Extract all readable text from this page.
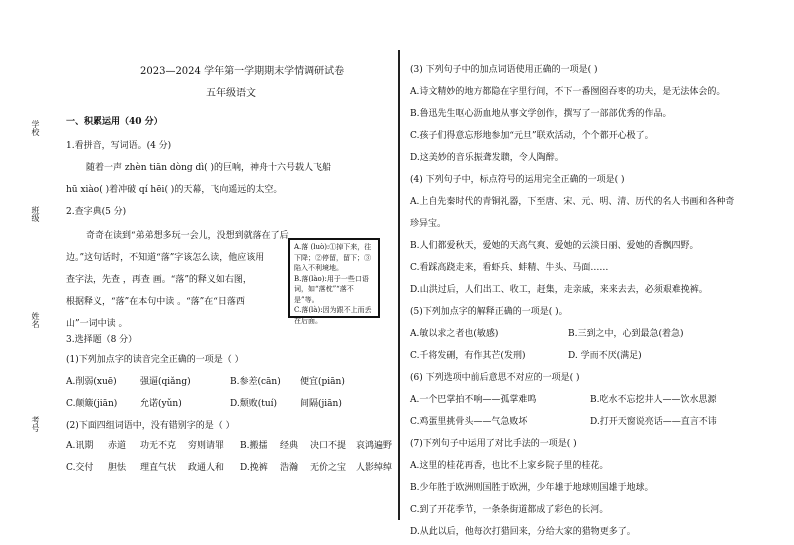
学校
班级
姓名
考号
2023—2024 学年第一学期期末学情调研试卷
五年级语文
一、积累运用（40 分）
1.看拼音，写词语。(4 分)
随着一声 zhèn tiān dòng dì( )的巨响，神舟十六号载人飞船
hū xiào( )着冲破 qí hēi( )的天幕，飞向遥远的太空。
2.查字典(5 分)
奇奇在读到“弟弟想多玩一会儿，没想到就落在了后
边。”这句话时，不知道“落”字该怎么读，他应该用
查字法，先查 ，再查 画。“落”的释义如右图，
根据释义，“落”在本句中读 。“落”在“日落西
山”一词中读 。
A.落 (luò):①掉下来，往下降；②停留，留下；③陷入不利境地。
B.落(lào):用于一些口语词，如“落枕”“落不是”等。
C.落(là):因为跟不上而丢在后面。
3.选择题（8 分）
(1)下列加点字的读音完全正确的一项是（ ）
A.削弱(xuē)	强逼(qiǎng)	B.参差(cān) 便宜(piān)
C.颠簸(jiān)	允诺(yǔn)	D.颓败(tuí)	间隔(jiān)
(2)下面四组词语中，没有错别字的是（ ）
A.讯期 赤道 功无不克 穷则请罪 B.搬擂 经典 决口不提 哀鸿遍野
C.交付 胆怯 理直气状 政通人和 D.挽裤 浩瀚 无价之宝 人影绰绰
(3) 下列句子中的加点词语使用正确的一项是( )
A.诗文精妙的地方都隐在字里行间，不下一番囫囵吞枣的功夫，是无法体会的。
B.鲁迅先生呕心沥血地从事文学创作，撰写了一部部优秀的作品。
C.孩子们得意忘形地参加“元旦”联欢活动，个个都开心极了。
D.这美妙的音乐振聋发聩，令人陶醉。
(4) 下列句子中，标点符号的运用完全正确的一项是( )
A.上自先秦时代的青铜礼器，下至唐、宋、元、明、清、历代的名人书画和各种奇
珍异宝。
B.人们都爱秋天，爱她的天高气爽、爱她的云淡日丽、爱她的香飘四野。
C.看踩高跷走来，看虾兵、蚌精、牛头、马面……
D.山洪过后，人们出工、收工，赶集，走亲戚，来来去去，必须艰难挽裤。
(5)下列加点字的解释正确的一项是( )。
A.敏以求之者也(敏感)	B.三到之中，心到最急(着急)
C.千将发硎，有作其芒(发刑)	D. 学而不厌(满足)
(6) 下列选项中前后意思不对应的一项是( )
A.一个巴掌拍不响——孤掌难鸣	B.吃水不忘挖井人——饮水思源
C.鸡蛋里挑骨头——气急败坏	D.打开天窗说亮话——直言不讳
(7)下列句子中运用了对比手法的一项是( )
A.这里的桂花再香，也比不上家乡院子里的桂花。
B.少年胜于欧洲则国胜于欧洲，少年雄于地球则国雄于地球。
C.到了开花季节，一条条街道都成了彩色的长河。
D.从此以后，他每次打猎回来，分给大家的猎物更多了。
